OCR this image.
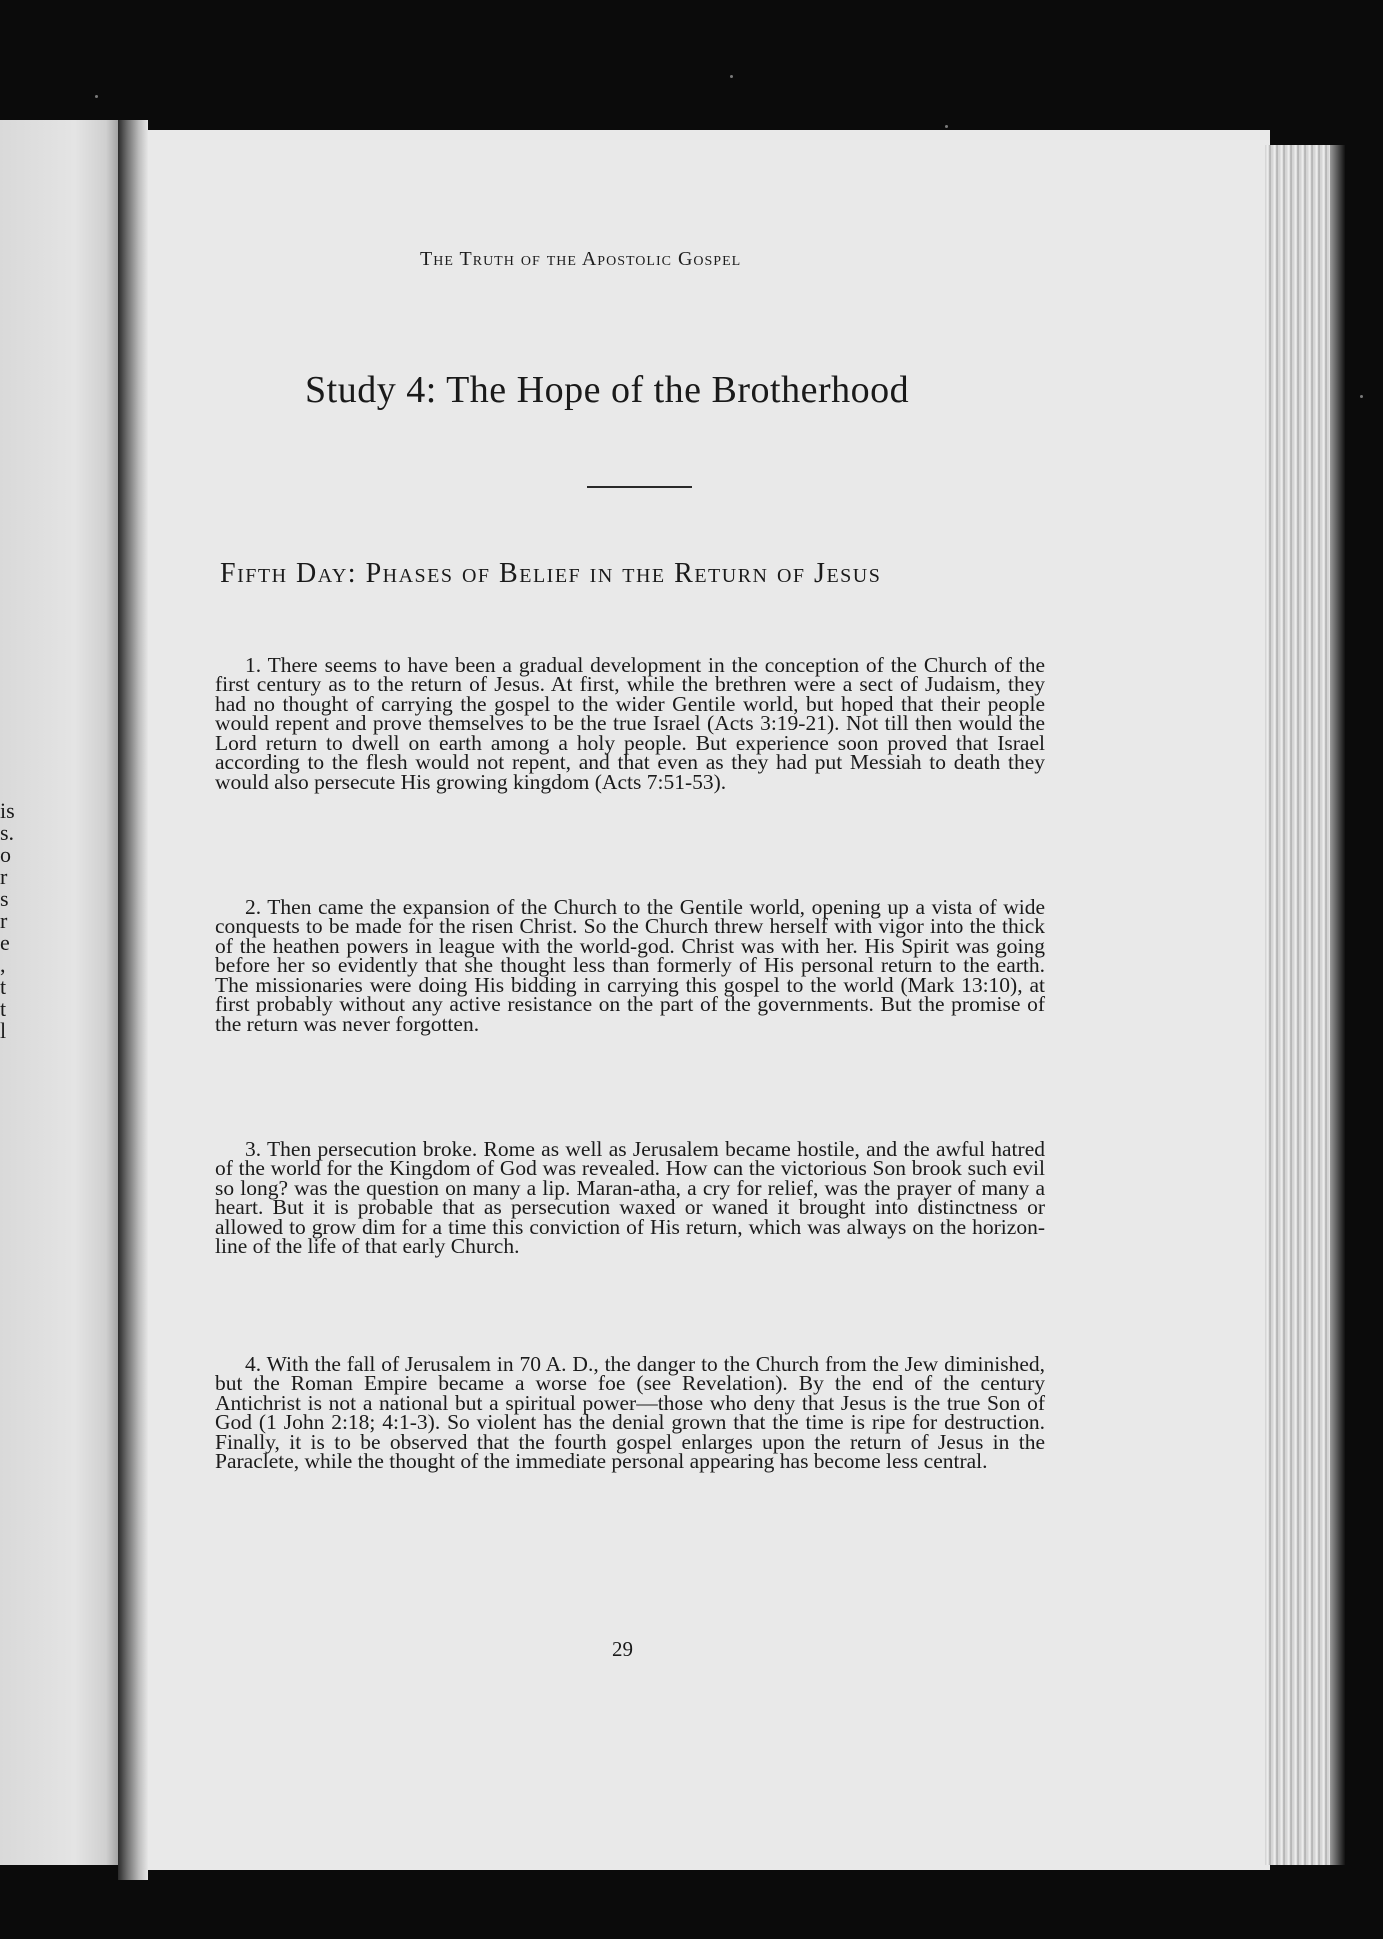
is
s.
o
r
s
r
e
,
t
t
l
The Truth of the Apostolic Gospel
Study 4: The Hope of the Brotherhood
Fifth Day: Phases of Belief in the Return of Jesus

1. There seems to have been a gradual development in the conception of the Church of the first century as to the return of Jesus. At first, while the brethren were a sect of Judaism, they had no thought of carrying the gospel to the wider Gentile world, but hoped that their people would repent and prove themselves to be the true Israel (Acts 3:19-21). Not till then would the Lord return to dwell on earth among a holy people. But experience soon proved that Israel according to the flesh would not repent, and that even as they had put Messiah to death they would also persecute His growing kingdom (Acts 7:51-53).

2. Then came the expansion of the Church to the Gentile world, opening up a vista of wide conquests to be made for the risen Christ. So the Church threw herself with vigor into the thick of the heathen powers in league with the world-god. Christ was with her. His Spirit was going before her so evidently that she thought less than formerly of His personal return to the earth. The missionaries were doing His bidding in carrying this gospel to the world (Mark 13:10), at first probably without any active resistance on the part of the governments. But the promise of the return was never forgotten.

3. Then persecution broke. Rome as well as Jerusalem became hostile, and the awful hatred of the world for the Kingdom of God was revealed. How can the victorious Son brook such evil so long? was the question on many a lip. Maran-atha, a cry for relief, was the prayer of many a heart. But it is probable that as persecution waxed or waned it brought into distinctness or allowed to grow dim for a time this conviction of His return, which was always on the horizon-line of the life of that early Church.

4. With the fall of Jerusalem in 70 A. D., the danger to the Church from the Jew diminished, but the Roman Empire became a worse foe (see Revelation). By the end of the century Antichrist is not a national but a spiritual power—those who deny that Jesus is the true Son of God (1 John 2:18; 4:1-3). So violent has the denial grown that the time is ripe for destruction. Finally, it is to be observed that the fourth gospel enlarges upon the return of Jesus in the Paraclete, while the thought of the immediate personal appearing has become less central.

29
